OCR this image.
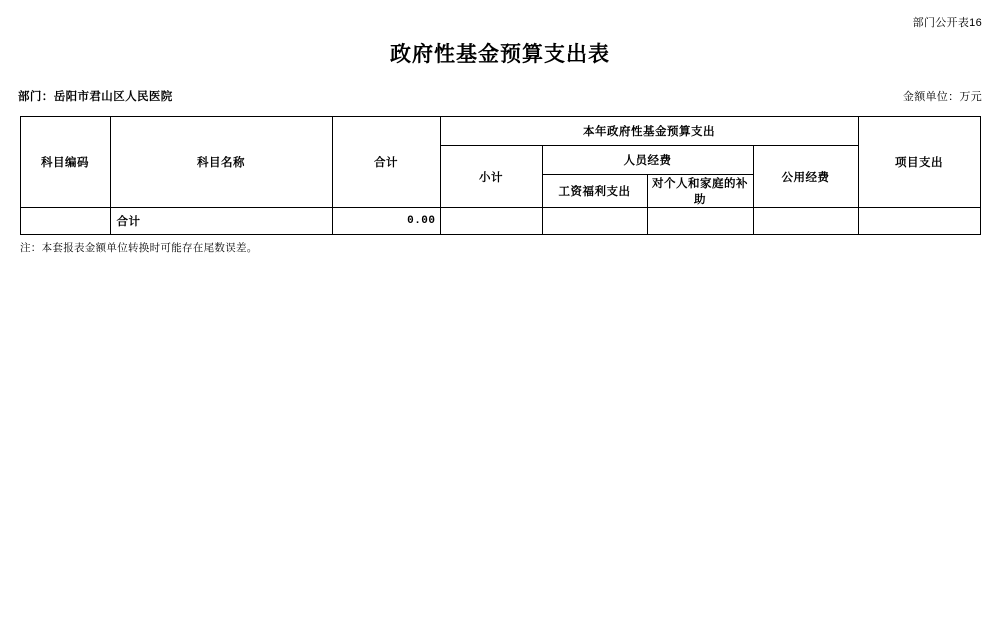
部门公开表16
政府性基金预算支出表
部门：岳阳市君山区人民医院	金额单位：万元
科目编码	科目名称	合计	本年政府性基金预算支出				项目支出
			小计	人员经费		公用经费	
				工资福利支出	对个人和家庭的补助		
	合计	0.00					
注：本套报表金额单位转换时可能存在尾数误差。
